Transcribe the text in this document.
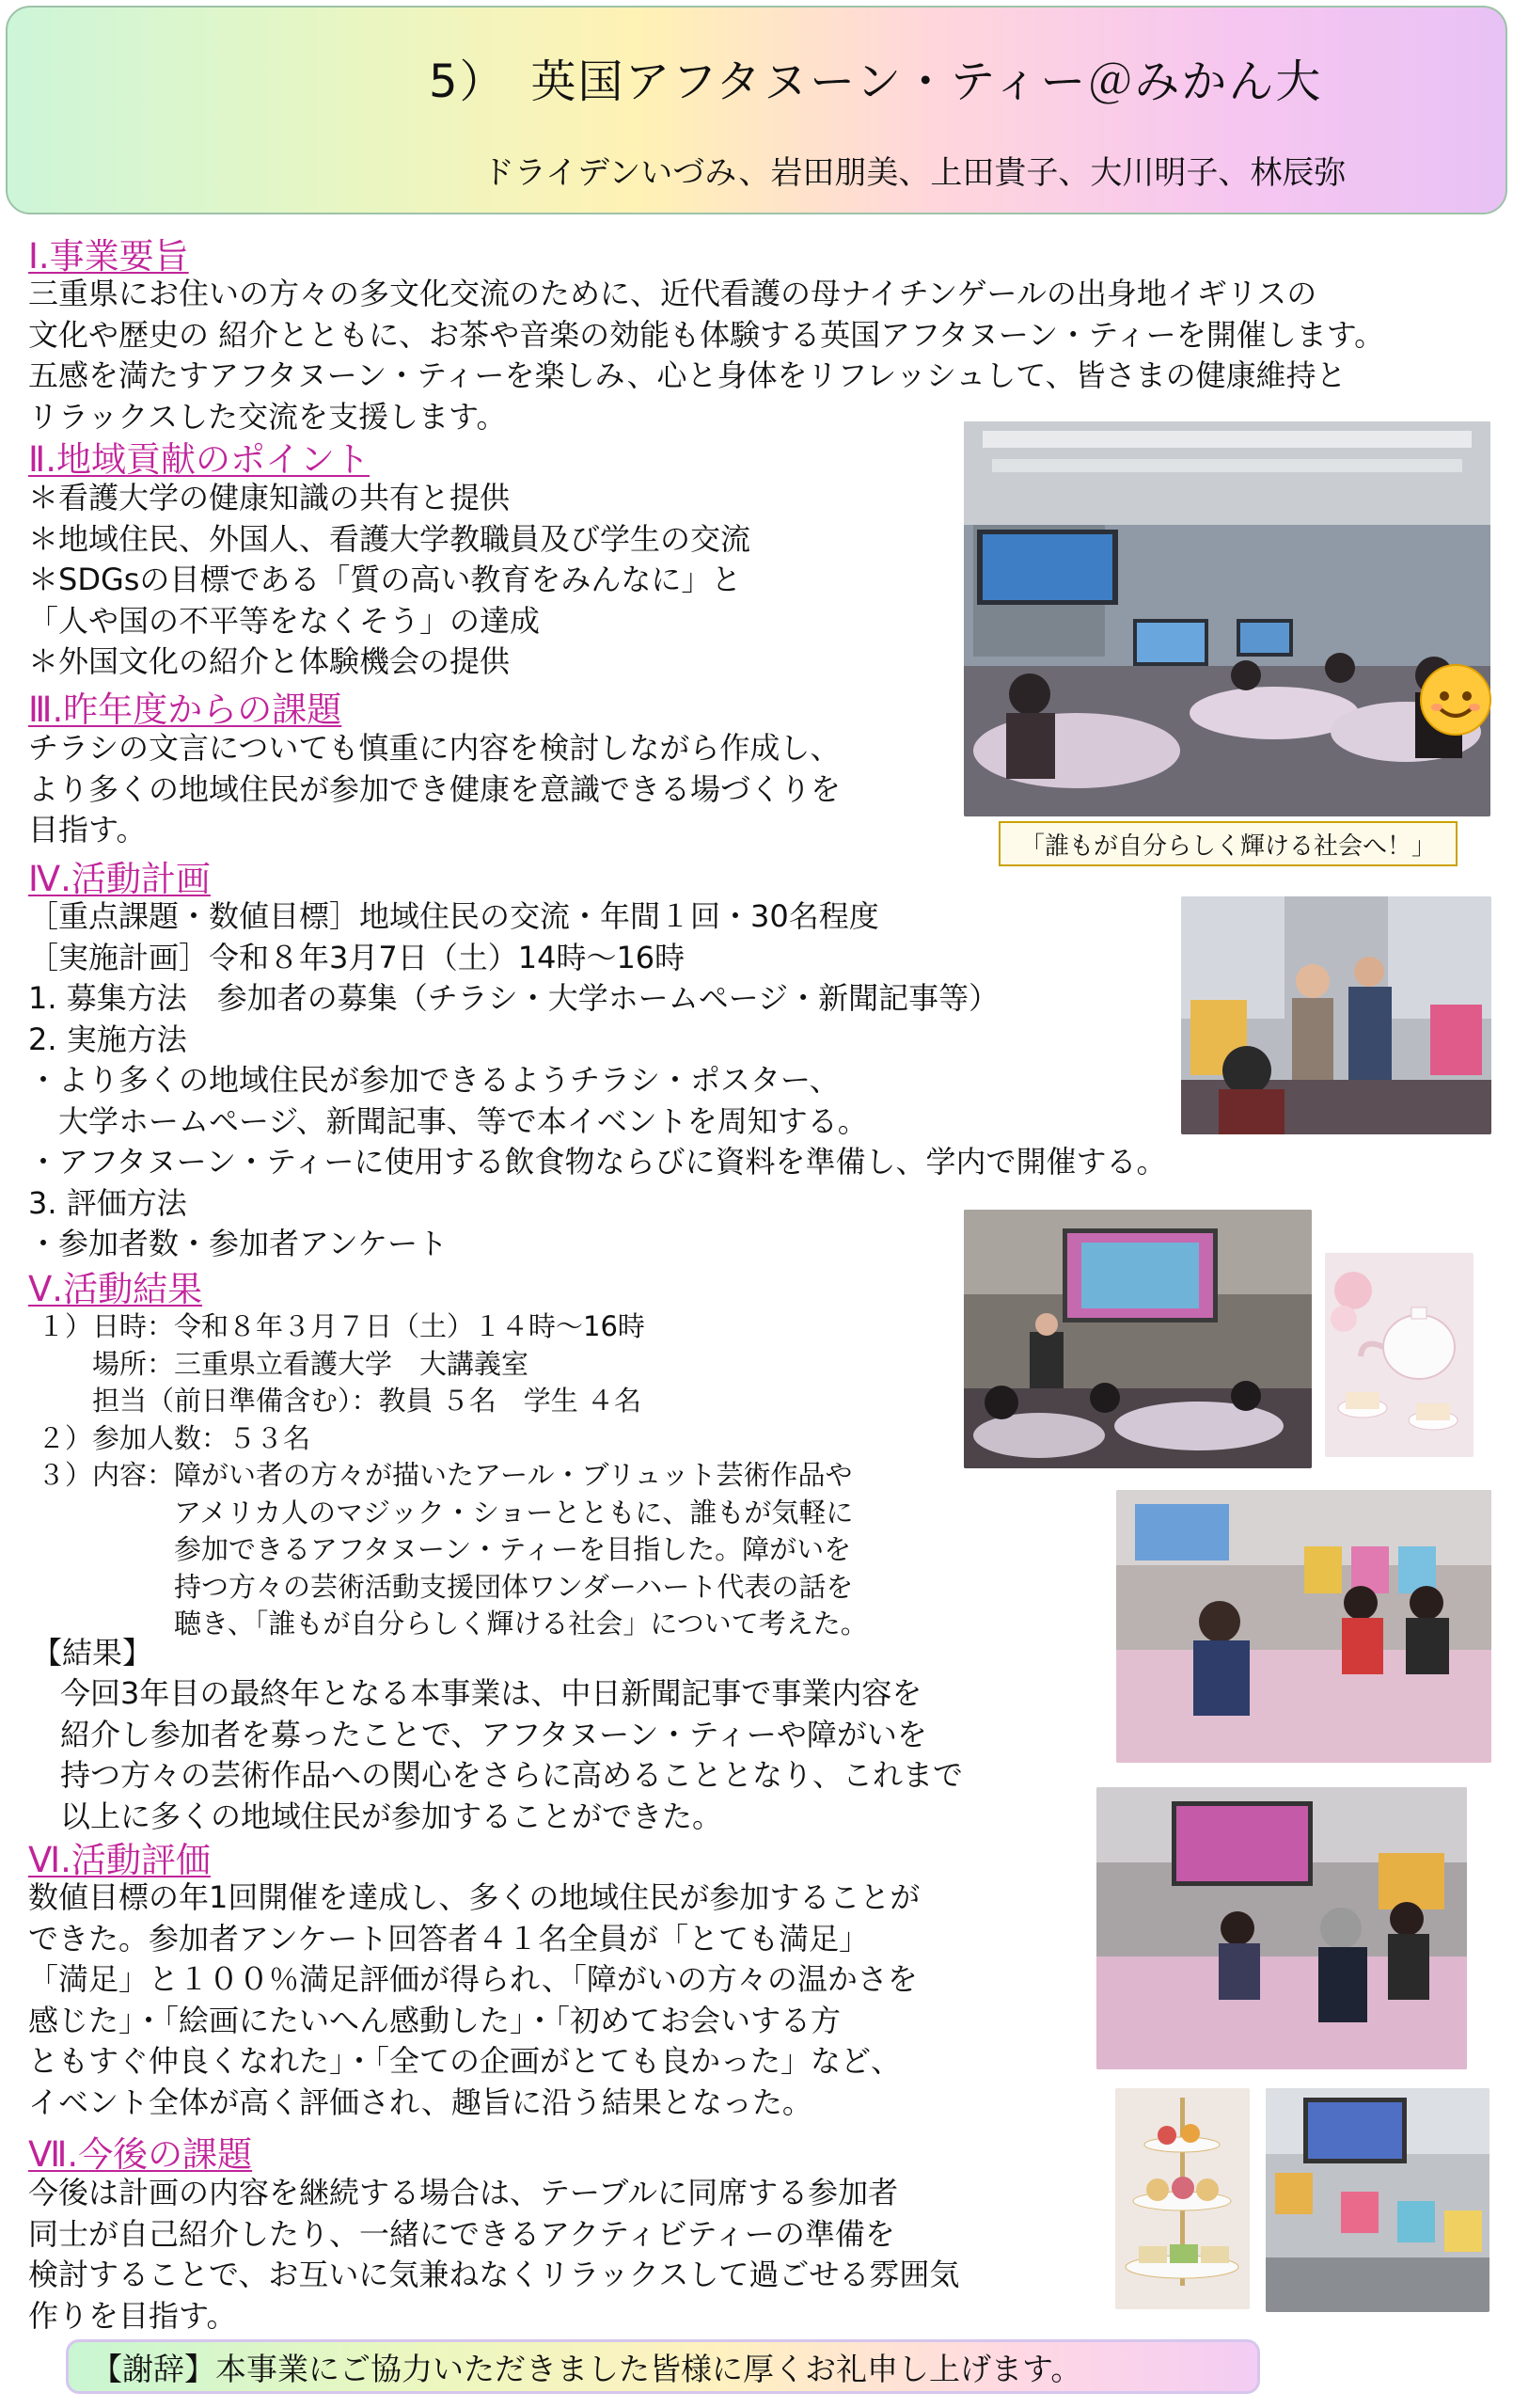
5）　英国アフタヌーン・ティー＠みかん大
ドライデンいづみ、岩田朋美、上田貴子、大川明子、林辰弥
Ⅰ.事業要旨
三重県にお住いの方々の多文化交流のために、近代看護の母ナイチンゲールの出身地イギリスの
文化や歴史の 紹介とともに、お茶や音楽の効能も体験する英国アフタヌーン・ティーを開催します。
五感を満たすアフタヌーン・ティーを楽しみ、心と身体をリフレッシュして、皆さまの健康維持と
リラックスした交流を支援します。
Ⅱ.地域貢献のポイント
＊看護大学の健康知識の共有と提供
＊地域住民、外国人、看護大学教職員及び学生の交流
＊SDGsの目標である「質の高い教育をみんなに」と
「人や国の不平等をなくそう」の達成
＊外国文化の紹介と体験機会の提供
Ⅲ.昨年度からの課題
チラシの文言についても慎重に内容を検討しながら作成し、
より多くの地域住民が参加でき健康を意識できる場づくりを
目指す。
Ⅳ.活動計画
［重点課題・数値目標］地域住民の交流・年間１回・30名程度
［実施計画］令和８年3月7日（土）14時～16時
1. 募集方法　参加者の募集（チラシ・大学ホームページ・新聞記事等）
2. 実施方法
・より多くの地域住民が参加できるようチラシ・ポスター、
　大学ホームページ、新聞記事、等で本イベントを周知する。
・アフタヌーン・ティーに使用する飲食物ならびに資料を準備し、学内で開催する。
3. 評価方法
・参加者数・参加者アンケート
Ⅴ.活動結果
１）日時：令和８年３月７日（土）１４時～16時
　　場所：三重県立看護大学　大講義室
　　担当（前日準備含む）：教員 ５名　学生 ４名
２）参加人数：５３名
３）内容：障がい者の方々が描いたアール・ブリュット芸術作品や
　　　　　アメリカ人のマジック・ショーとともに、誰もが気軽に
　　　　　参加できるアフタヌーン・ティーを目指した。障がいを
　　　　　持つ方々の芸術活動支援団体ワンダーハート代表の話を
　　　　　聴き、「誰もが自分らしく輝ける社会」について考えた。
【結果】
今回3年目の最終年となる本事業は、中日新聞記事で事業内容を
紹介し参加者を募ったことで、アフタヌーン・ティーや障がいを
持つ方々の芸術作品への関心をさらに高めることとなり、これまで
以上に多くの地域住民が参加することができた。
Ⅵ.活動評価
数値目標の年1回開催を達成し、多くの地域住民が参加することが
できた。参加者アンケート回答者４１名全員が「とても満足」
「満足」と１００％満足評価が得られ、「障がいの方々の温かさを
感じた」・「絵画にたいへん感動した」・「初めてお会いする方
ともすぐ仲良くなれた」・「全ての企画がとても良かった」など、
イベント全体が高く評価され、趣旨に沿う結果となった。
Ⅶ.今後の課題
今後は計画の内容を継続する場合は、テーブルに同席する参加者
同士が自己紹介したり、一緒にできるアクティビティーの準備を
検討することで、お互いに気兼ねなくリラックスして過ごせる雰囲気
作りを目指す。
「誰もが自分らしく輝ける社会へ！」
【謝辞】本事業にご協力いただきました皆様に厚くお礼申し上げます。
